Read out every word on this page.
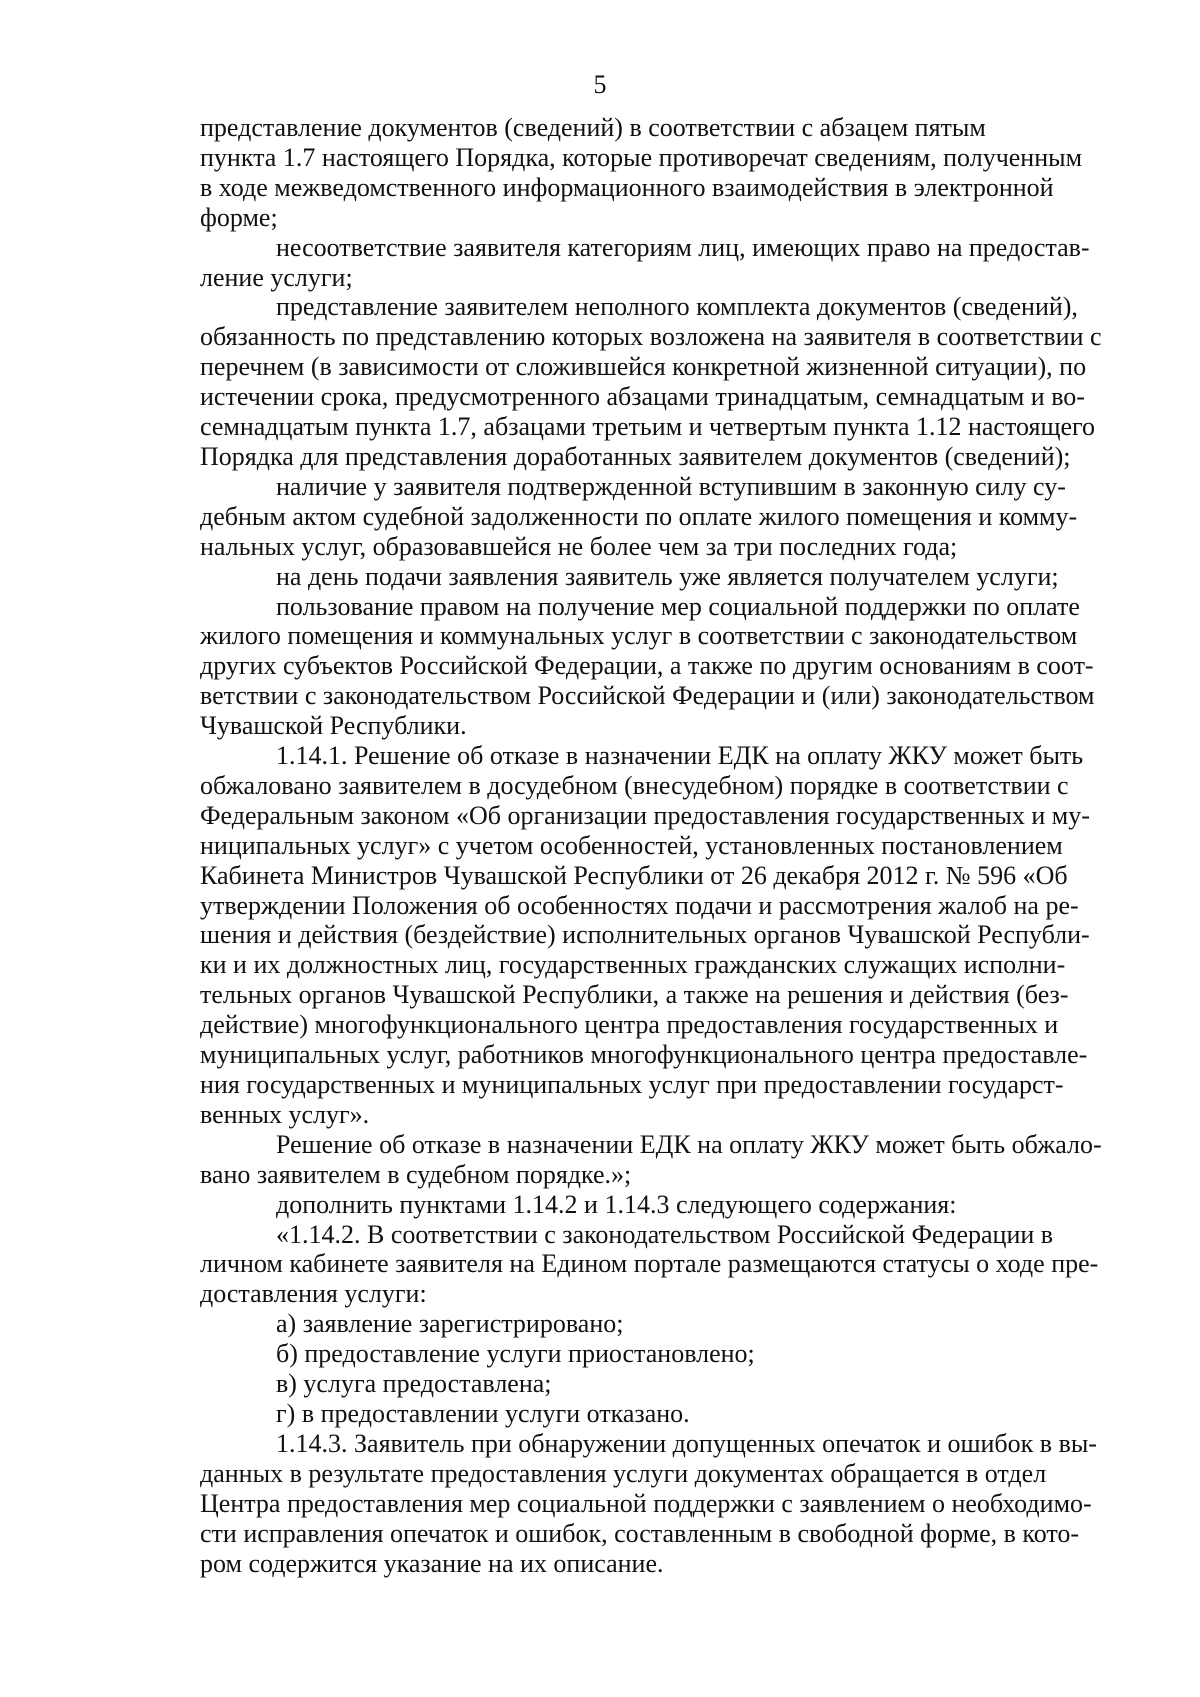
5

представление документов (сведений) в соответствии с абзацем пятым
пункта 1.7 настоящего Порядка, которые противоречат сведениям, полученным
в ходе межведомственного информационного взаимодействия в электронной
форме;

несоответствие заявителя категориям лиц, имеющих право на предостав-
ление услуги;

представление заявителем неполного комплекта документов (сведений),
обязанность по представлению которых возложена на заявителя в соответствии с
перечнем (в зависимости от сложившейся конкретной жизненной ситуации), по
истечении срока, предусмотренного абзацами тринадцатым, семнадцатым и во-
семнадцатым пункта 1.7, абзацами третьим и четвертым пункта 1.12 настоящего
Порядка для представления доработанных заявителем документов (сведений);

наличие у заявителя подтвержденной вступившим в законную силу су-
дебным актом судебной задолженности по оплате жилого помещения и комму-
нальных услуг, образовавшейся не более чем за три последних года;

на день подачи заявления заявитель уже является получателем услуги;

пользование правом на получение мер социальной поддержки по оплате
жилого помещения и коммунальных услуг в соответствии с законодательством
других субъектов Российской Федерации, а также по другим основаниям в соот-
ветствии с законодательством Российской Федерации и (или) законодательством
Чувашской Республики.

1.14.1. Решение об отказе в назначении ЕДК на оплату ЖКУ может быть
обжаловано заявителем в досудебном (внесудебном) порядке в соответствии с
Федеральным законом «Об организации предоставления государственных и му-
ниципальных услуг» с учетом особенностей, установленных постановлением
Кабинета Министров Чувашской Республики от 26 декабря 2012 г. № 596 «Об
утверждении Положения об особенностях подачи и рассмотрения жалоб на ре-
шения и действия (бездействие) исполнительных органов Чувашской Республи-
ки и их должностных лиц, государственных гражданских служащих исполни-
тельных органов Чувашской Республики, а также на решения и действия (без-
действие) многофункционального центра предоставления государственных и
муниципальных услуг, работников многофункционального центра предоставле-
ния государственных и муниципальных услуг при предоставлении государст-
венных услуг».

Решение об отказе в назначении ЕДК на оплату ЖКУ может быть обжало-
вано заявителем в судебном порядке.»;

дополнить пунктами 1.14.2 и 1.14.3 следующего содержания:

«1.14.2. В соответствии с законодательством Российской Федерации в
личном кабинете заявителя на Едином портале размещаются статусы о ходе пре-
доставления услуги:

а) заявление зарегистрировано;

б) предоставление услуги приостановлено;

в) услуга предоставлена;

г) в предоставлении услуги отказано.

1.14.3. Заявитель при обнаружении допущенных опечаток и ошибок в вы-
данных в результате предоставления услуги документах обращается в отдел
Центра предоставления мер социальной поддержки с заявлением о необходимо-
сти исправления опечаток и ошибок, составленным в свободной форме, в кото-
ром содержится указание на их описание.
